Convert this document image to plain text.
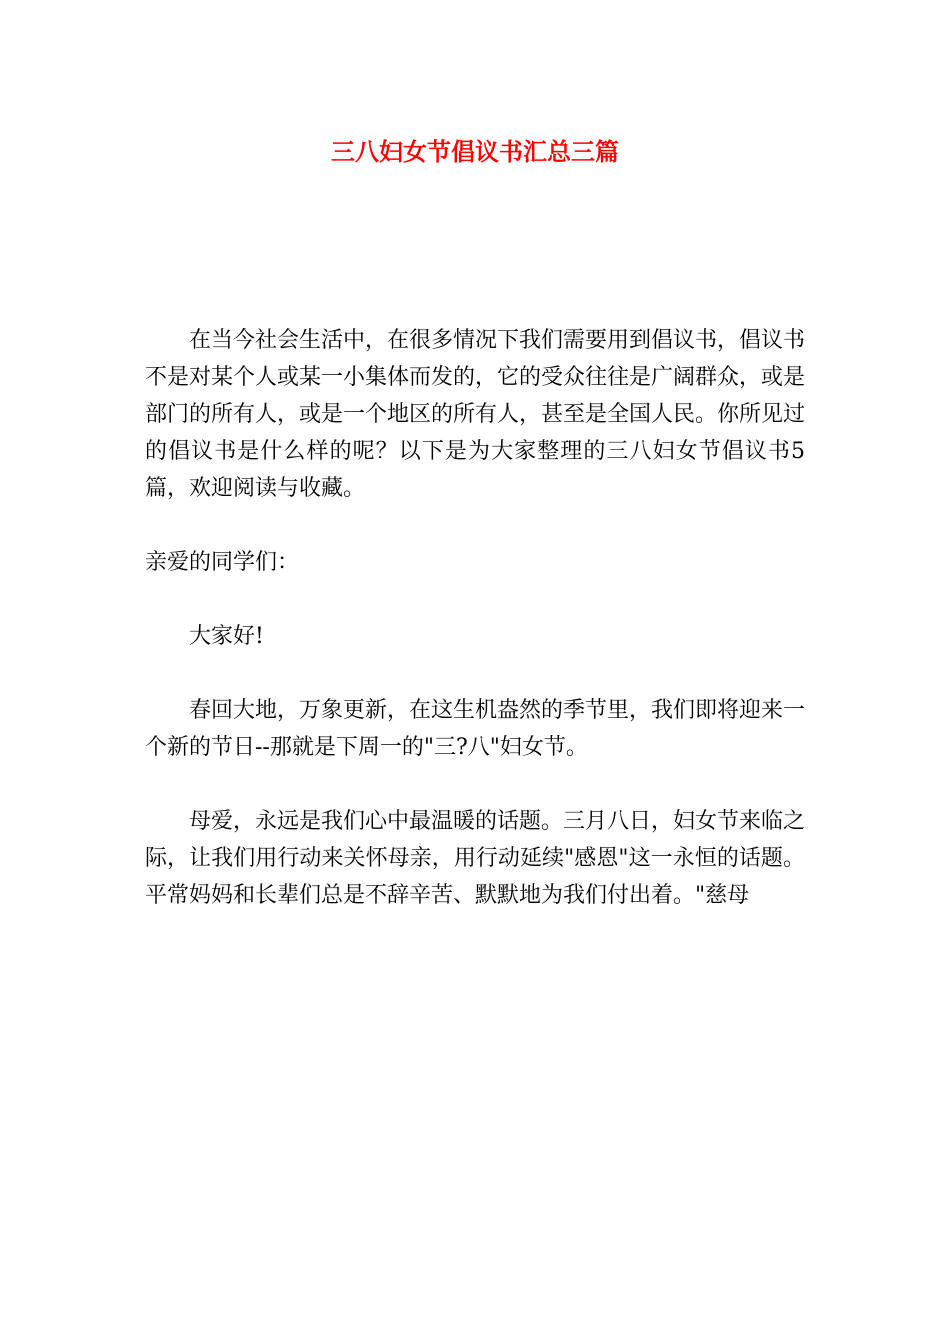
三八妇女节倡议书汇总三篇

在当今社会生活中，在很多情况下我们需要用到倡议书，倡议书不是对某个人或某一小集体而发的，它的受众往往是广阔群众，或是部门的所有人，或是一个地区的所有人，甚至是全国人民。你所见过的倡议书是什么样的呢？以下是为大家整理的三八妇女节倡议书5篇，欢迎阅读与收藏。

亲爱的同学们：

大家好!

春回大地，万象更新，在这生机盎然的季节里，我们即将迎来一个新的节日--那就是下周一的"三?八"妇女节。

母爱，永远是我们心中最温暖的话题。三月八日，妇女节来临之际，让我们用行动来关怀母亲，用行动延续"感恩"这一永恒的话题。平常妈妈和长辈们总是不辞辛苦、默默地为我们付出着。"慈母
